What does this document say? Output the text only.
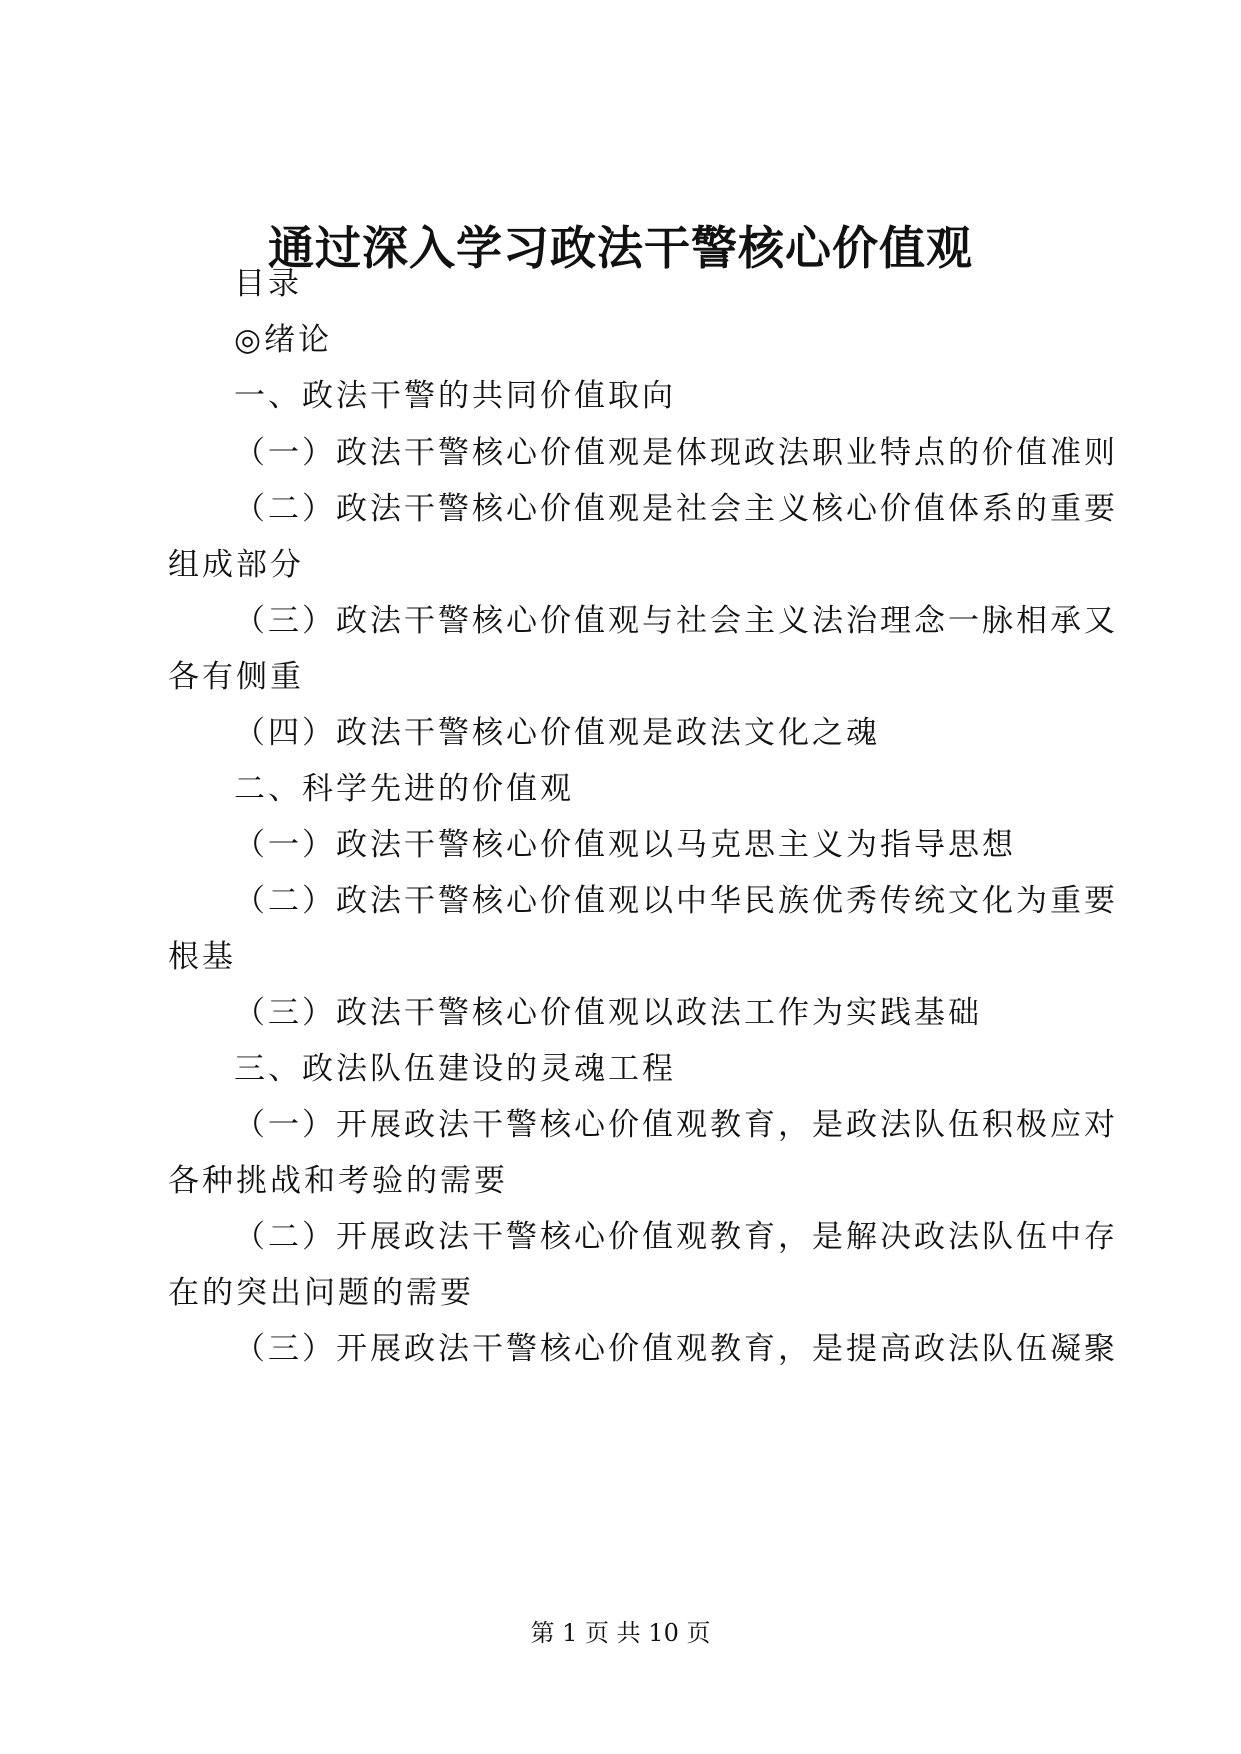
通过深入学习政法干警核心价值观
目录
◎绪论
一、政法干警的共同价值取向
（一）政法干警核心价值观是体现政法职业特点的价值准则
（二）政法干警核心价值观是社会主义核心价值体系的重要
组成部分
（三）政法干警核心价值观与社会主义法治理念一脉相承又
各有侧重
（四）政法干警核心价值观是政法文化之魂
二、科学先进的价值观
（一）政法干警核心价值观以马克思主义为指导思想
（二）政法干警核心价值观以中华民族优秀传统文化为重要
根基
（三）政法干警核心价值观以政法工作为实践基础
三、政法队伍建设的灵魂工程
（一）开展政法干警核心价值观教育，是政法队伍积极应对
各种挑战和考验的需要
（二）开展政法干警核心价值观教育，是解决政法队伍中存
在的突出问题的需要
（三）开展政法干警核心价值观教育，是提高政法队伍凝聚
第 1 页 共 10 页
